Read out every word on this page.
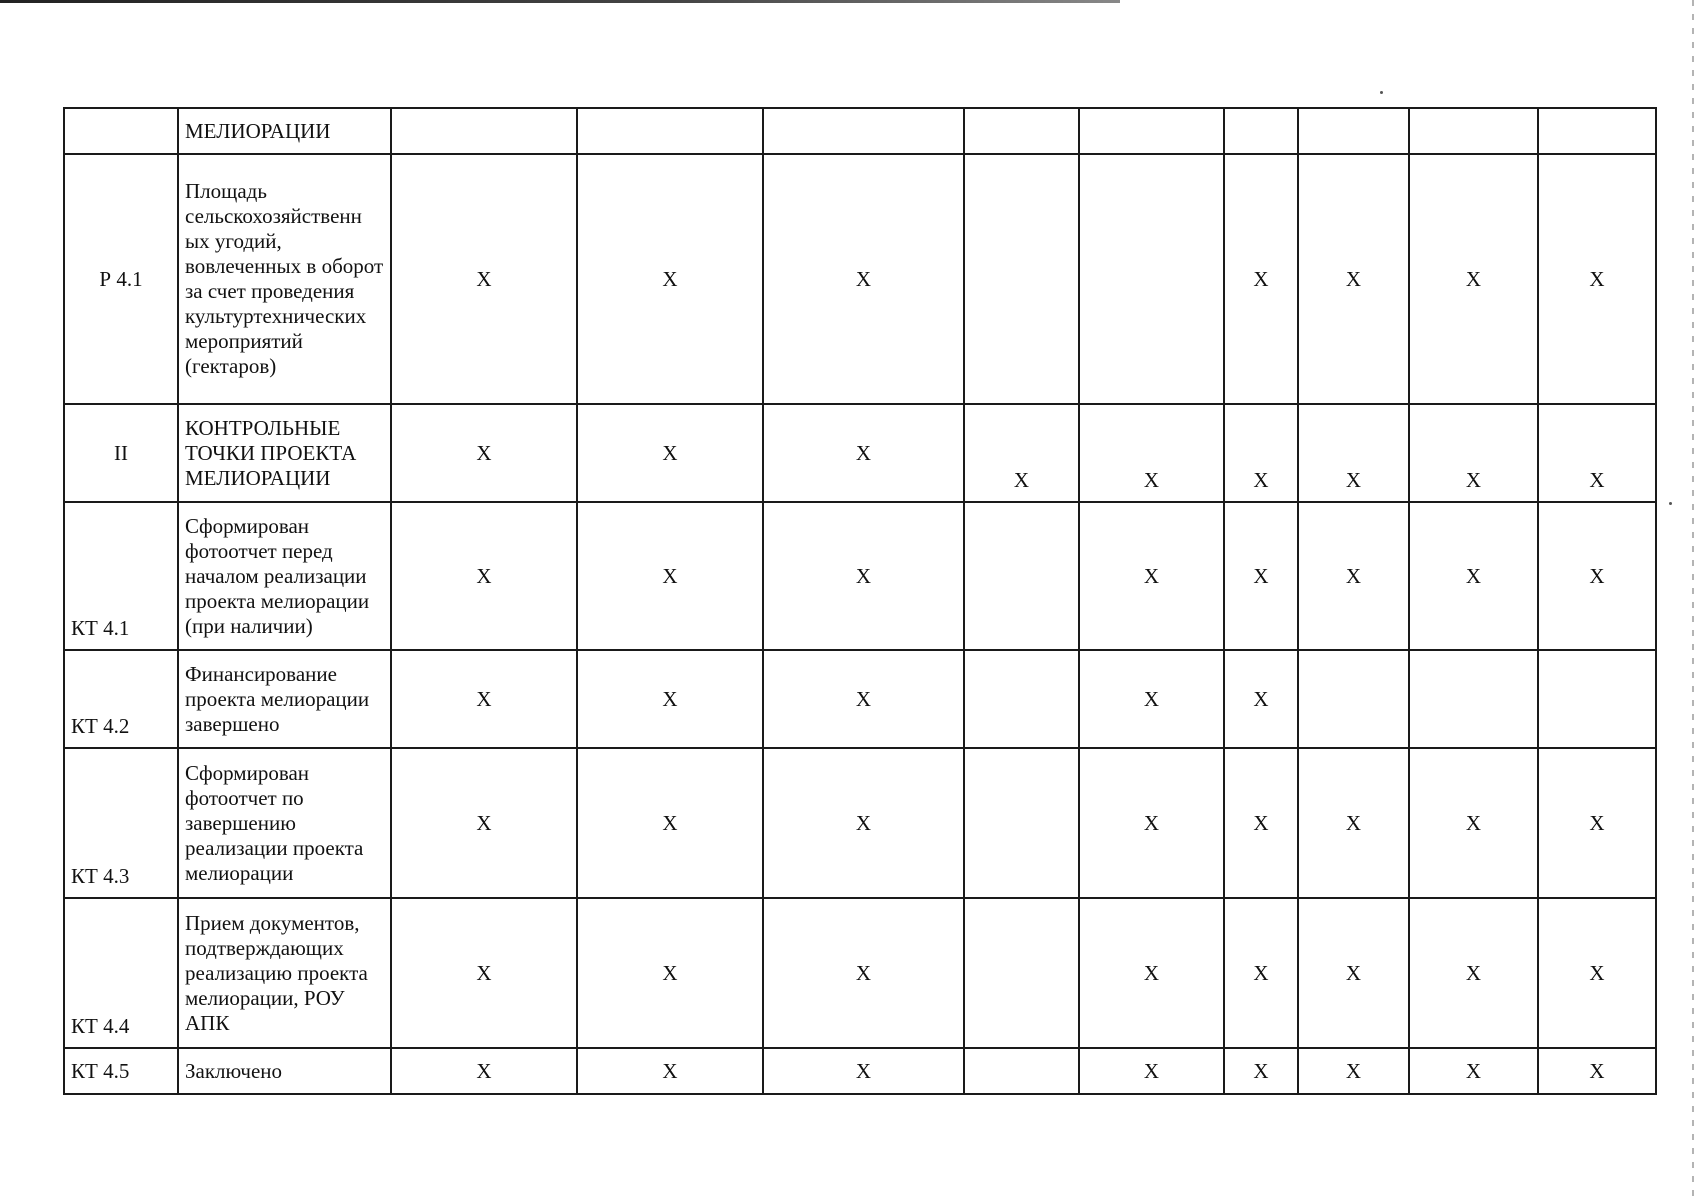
	МЕЛИОРАЦИИ									
Р 4.1	Площадь сельскохозяйственн ых угодий, вовлеченных в оборот за счет проведения культуртехнических мероприятий (гектаров)	X	X	X			X	X	X	X
II	КОНТРОЛЬНЫЕ ТОЧКИ ПРОЕКТА МЕЛИОРАЦИИ	X	X	X	X	X	X	X	X	X
КТ 4.1	Сформирован фотоотчет перед началом реализации проекта мелиорации (при наличии)	X	X	X		X	X	X	X	X
КТ 4.2	Финансирование проекта мелиорации завершено	X	X	X		X	X			
КТ 4.3	Сформирован фотоотчет по завершению реализации проекта мелиорации	X	X	X		X	X	X	X	X
КТ 4.4	Прием документов, подтверждающих реализацию проекта мелиорации, РОУ АПК	X	X	X		X	X	X	X	X
КТ 4.5	Заключено	X	X	X		X	X	X	X	X
